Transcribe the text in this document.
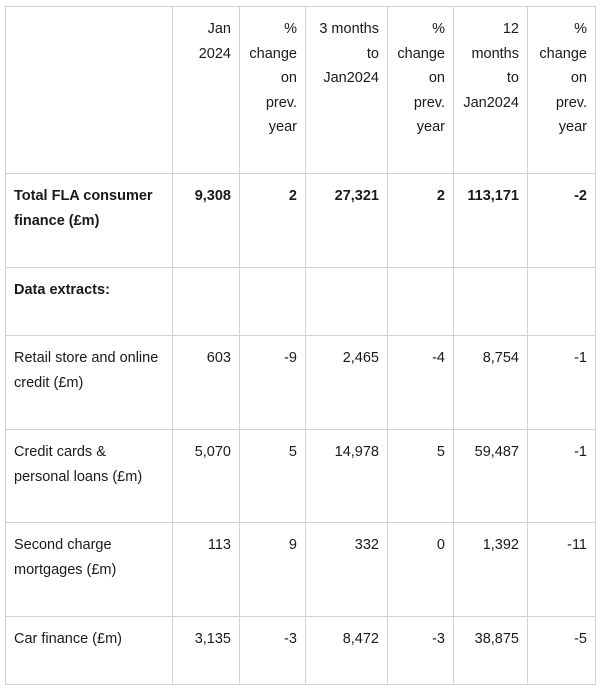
	Jan 2024	% change on prev. year	3 months to Jan2024	% change on prev. year	12 months to Jan2024	% change on prev. year
Total FLA consumer finance (£m)	9,308	2	27,321	2	113,171	-2
Data extracts:						
Retail store and online credit (£m)	603	-9	2,465	-4	8,754	-1
Credit cards & personal loans (£m)	5,070	5	14,978	5	59,487	-1
Second charge mortgages (£m)	113	9	332	0	1,392	-11
Car finance (£m)	3,135	-3	8,472	-3	38,875	-5
